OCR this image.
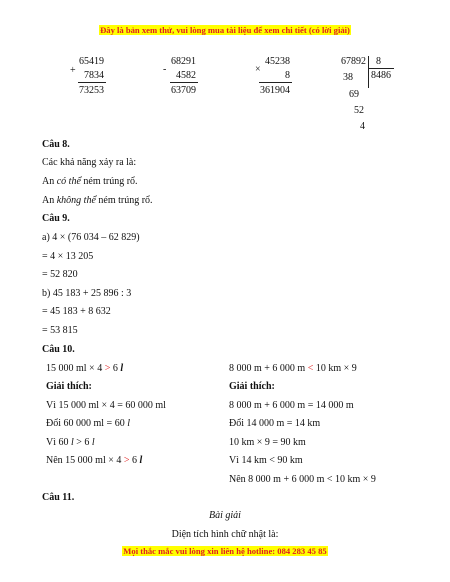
Đây là bản xem thử, vui lòng mua tài liệu để xem chi tiết (có lời giải)
+
65419
7834
73253
-
68291
4582
63709
×
45238
8
361904
67892 8
8486
38
69
52
4
Câu 8.
Các khả năng xảy ra là:
An có thể ném trúng rổ.
An không thể ném trúng rổ.
Câu 9.
a) 4 × (76 034 – 62 829)
= 4 × 13 205
= 52 820
b) 45 183 + 25 896 : 3
= 45 183 + 8 632
= 53 815
Câu 10.
15 000 ml × 4 > 6 l
Giải thích:
Vì 15 000 ml × 4 = 60 000 ml
Đổi 60 000 ml = 60 l
Vì 60 l > 6 l
Nên 15 000 ml × 4 > 6 l
8 000 m + 6 000 m < 10 km × 9
Giải thích:
8 000 m + 6 000 m = 14 000 m
Đổi 14 000 m = 14 km
10 km × 9 = 90 km
Vì 14 km < 90 km
Nên 8 000 m + 6 000 m < 10 km × 9
Câu 11.
Bài giải
Diện tích hình chữ nhật là:
Mọi thắc mắc vui lòng xin liên hệ hotline: 084 283 45 85
